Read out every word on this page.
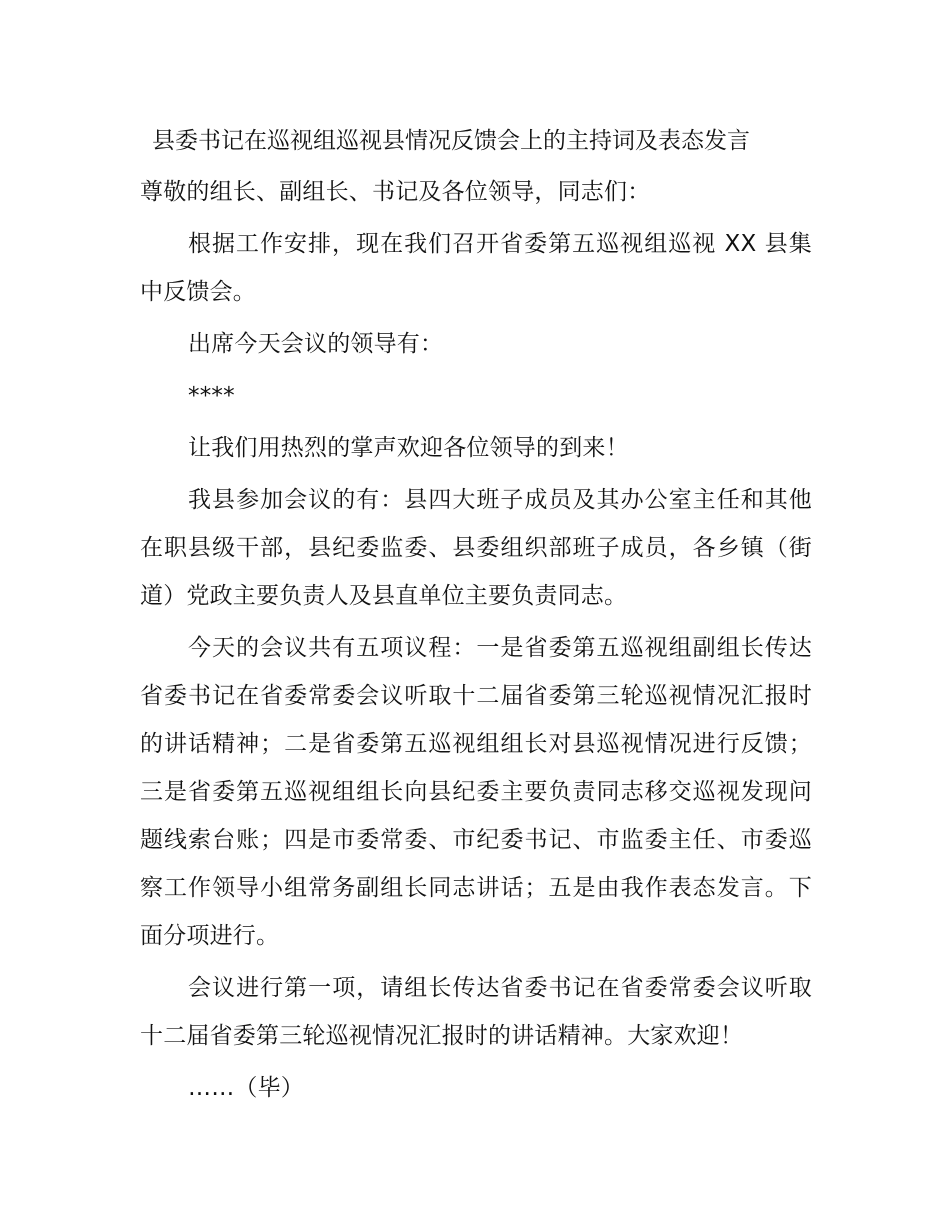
县委书记在巡视组巡视县情况反馈会上的主持词及表态发言

尊敬的组长、副组长、书记及各位领导，同志们：

根据工作安排，现在我们召开省委第五巡视组巡视 XX 县集中反馈会。

出席今天会议的领导有：

****

让我们用热烈的掌声欢迎各位领导的到来！

我县参加会议的有：县四大班子成员及其办公室主任和其他在职县级干部，县纪委监委、县委组织部班子成员，各乡镇（街道）党政主要负责人及县直单位主要负责同志。

今天的会议共有五项议程：一是省委第五巡视组副组长传达省委书记在省委常委会议听取十二届省委第三轮巡视情况汇报时的讲话精神；二是省委第五巡视组组长对县巡视情况进行反馈；三是省委第五巡视组组长向县纪委主要负责同志移交巡视发现问题线索台账；四是市委常委、市纪委书记、市监委主任、市委巡察工作领导小组常务副组长同志讲话；五是由我作表态发言。下面分项进行。

会议进行第一项，请组长传达省委书记在省委常委会议听取十二届省委第三轮巡视情况汇报时的讲话精神。大家欢迎！

……（毕）
